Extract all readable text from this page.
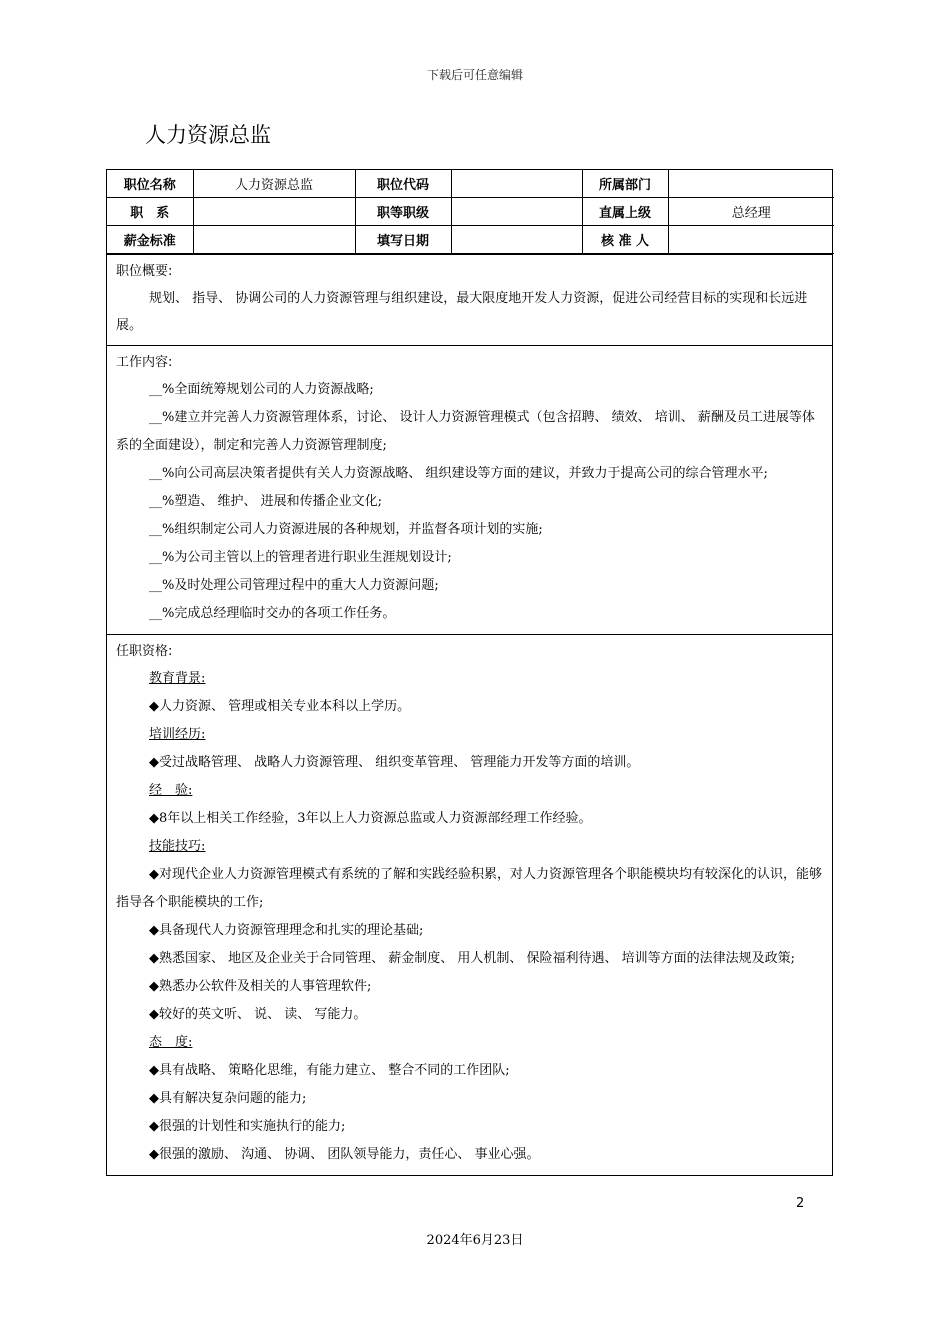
下载后可任意编辑
人力资源总监
职位名称	人力资源总监	职位代码		所属部门	
职　系		职等职级		直属上级	总经理
薪金标准		填写日期		核 准 人	
职位概要:
规划、 指导、 协调公司的人力资源管理与组织建设，最大限度地开发人力资源，促进公司经营目标的实现和长远进展。
工作内容:
__%全面统筹规划公司的人力资源战略;
__%建立并完善人力资源管理体系，讨论、 设计人力资源管理模式（包含招聘、 绩效、 培训、 薪酬及员工进展等体系的全面建设），制定和完善人力资源管理制度;
__%向公司高层决策者提供有关人力资源战略、 组织建设等方面的建议，并致力于提高公司的综合管理水平;
__%塑造、 维护、 进展和传播企业文化;
__%组织制定公司人力资源进展的各种规划，并监督各项计划的实施;
__%为公司主管以上的管理者进行职业生涯规划设计;
__%及时处理公司管理过程中的重大人力资源问题;
__%完成总经理临时交办的各项工作任务。
任职资格:
教育背景:
◆人力资源、 管理或相关专业本科以上学历。
培训经历:
◆受过战略管理、 战略人力资源管理、 组织变革管理、 管理能力开发等方面的培训。
经　验:
◆8年以上相关工作经验，3年以上人力资源总监或人力资源部经理工作经验。
技能技巧:
◆对现代企业人力资源管理模式有系统的了解和实践经验积累，对人力资源管理各个职能模块均有较深化的认识，能够指导各个职能模块的工作;
◆具备现代人力资源管理理念和扎实的理论基础;
◆熟悉国家、 地区及企业关于合同管理、 薪金制度、 用人机制、 保险福利待遇、 培训等方面的法律法规及政策;
◆熟悉办公软件及相关的人事管理软件;
◆较好的英文听、 说、 读、 写能力。
态　度:
◆具有战略、 策略化思维，有能力建立、 整合不同的工作团队;
◆具有解决复杂问题的能力;
◆很强的计划性和实施执行的能力;
◆很强的激励、 沟通、 协调、 团队领导能力，责任心、 事业心强。
2
2024年6月23日
